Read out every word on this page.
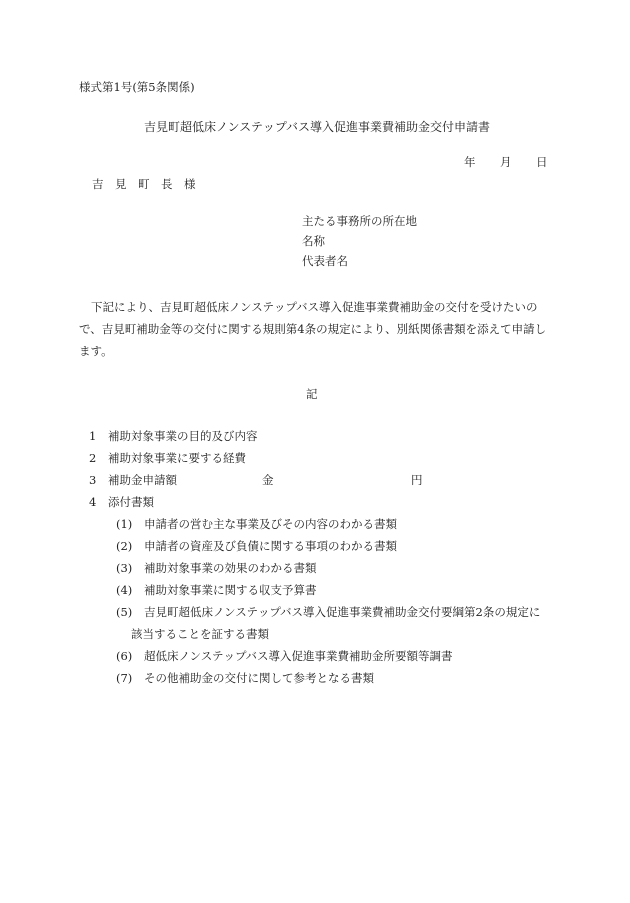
様式第1号(第5条関係)
吉見町超低床ノンステップバス導入促進事業費補助金交付申請書
年 月 日
吉　見　町　長　様
主たる事務所の所在地
名称
代表者名
下記により、吉見町超低床ノンステップバス導入促進事業費補助金の交付を受けたいので、吉見町補助金等の交付に関する規則第4条の規定により、別紙関係書類を添えて申請します。
記
1 補助対象事業の目的及び内容
2 補助対象事業に要する経費
3 補助金申請額	金	円
4 添付書類
(1) 申請者の営む主な事業及びその内容のわかる書類
(2) 申請者の資産及び負債に関する事項のわかる書類
(3) 補助対象事業の効果のわかる書類
(4) 補助対象事業に関する収支予算書
(5) 吉見町超低床ノンステップバス導入促進事業費補助金交付要綱第2条の規定に
該当することを証する書類
(6) 超低床ノンステップバス導入促進事業費補助金所要額等調書
(7) その他補助金の交付に関して参考となる書類
